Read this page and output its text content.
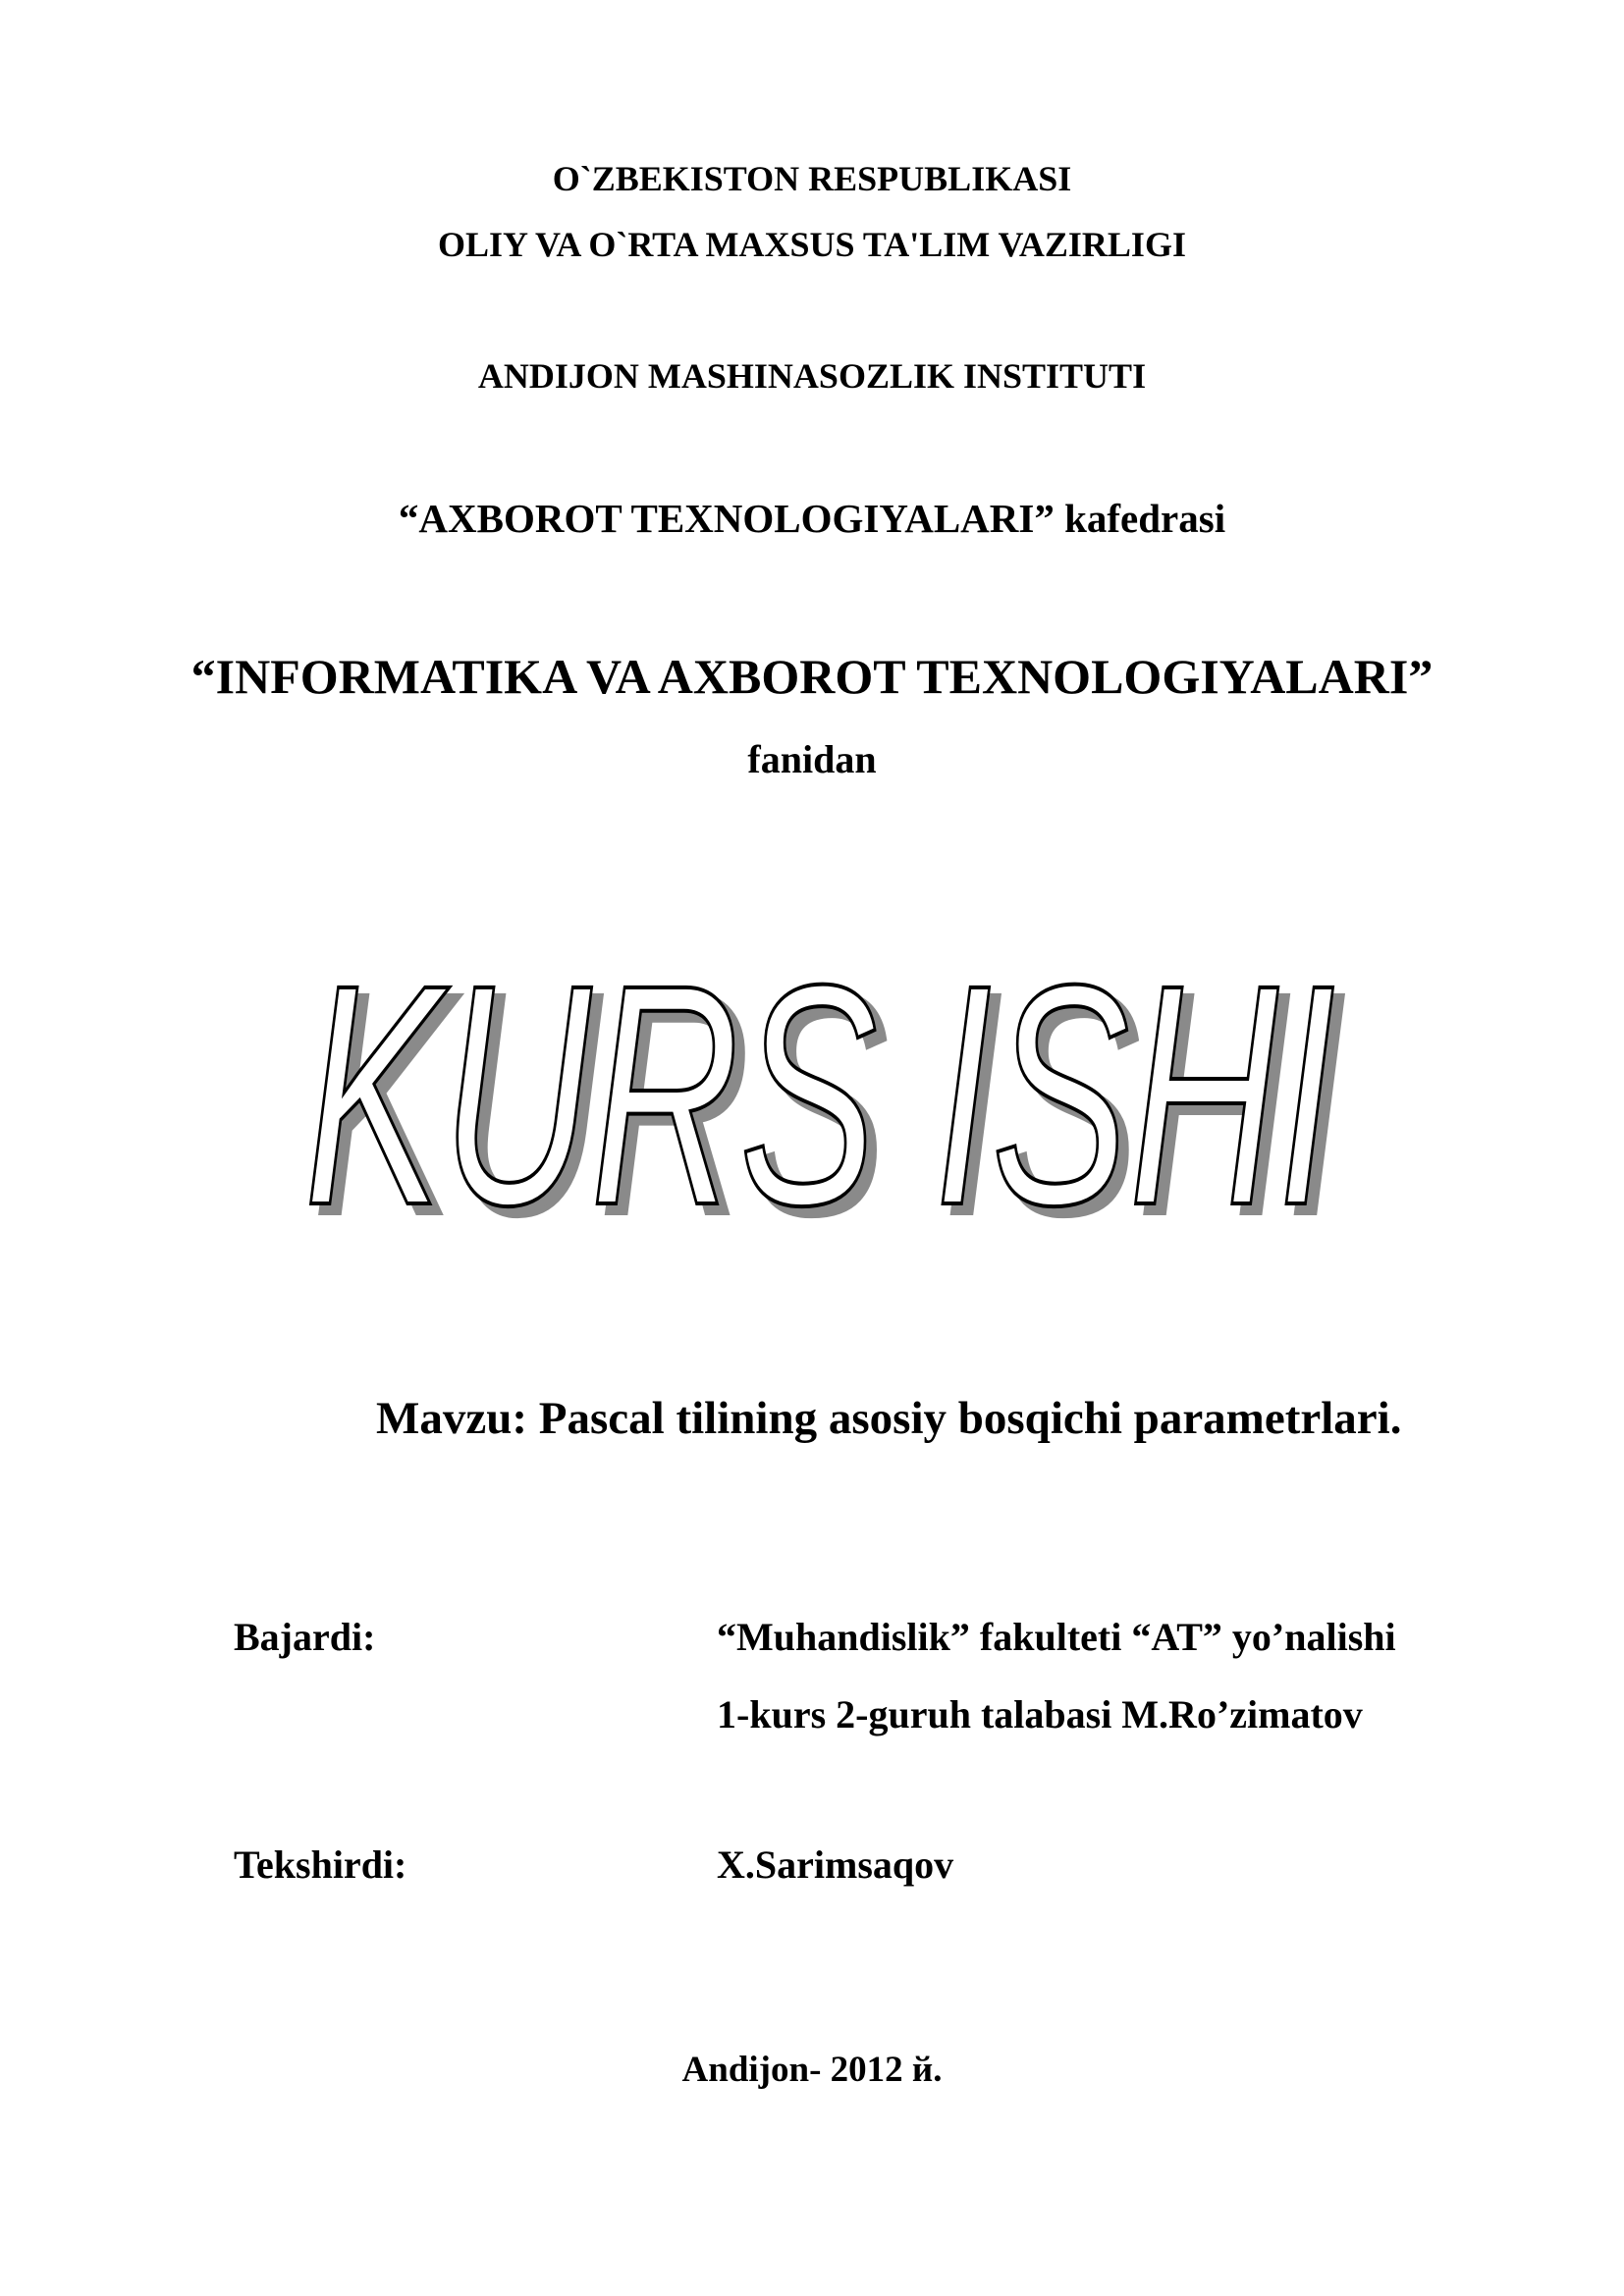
O`ZBEKISTON RESPUBLIKASI
OLIY VA O`RTA MAXSUS TA'LIM VAZIRLIGI
ANDIJON MASHINASOZLIK INSTITUTI
“AXBOROT TEXNOLOGIYALARI” kafedrasi
“INFORMATIKA VA AXBOROT TEXNOLOGIYALARI”
fanidan
KURS ISHI
KURS ISHI
Mavzu: Pascal tilining asosiy bosqichi parametrlari.
Bajardi:	“Muhandislik” fakulteti “AT” yo’nalishi
1-kurs 2-guruh talabasi M.Ro’zimatov
Tekshirdi:	X.Sarimsaqov
Andijon- 2012 й.
